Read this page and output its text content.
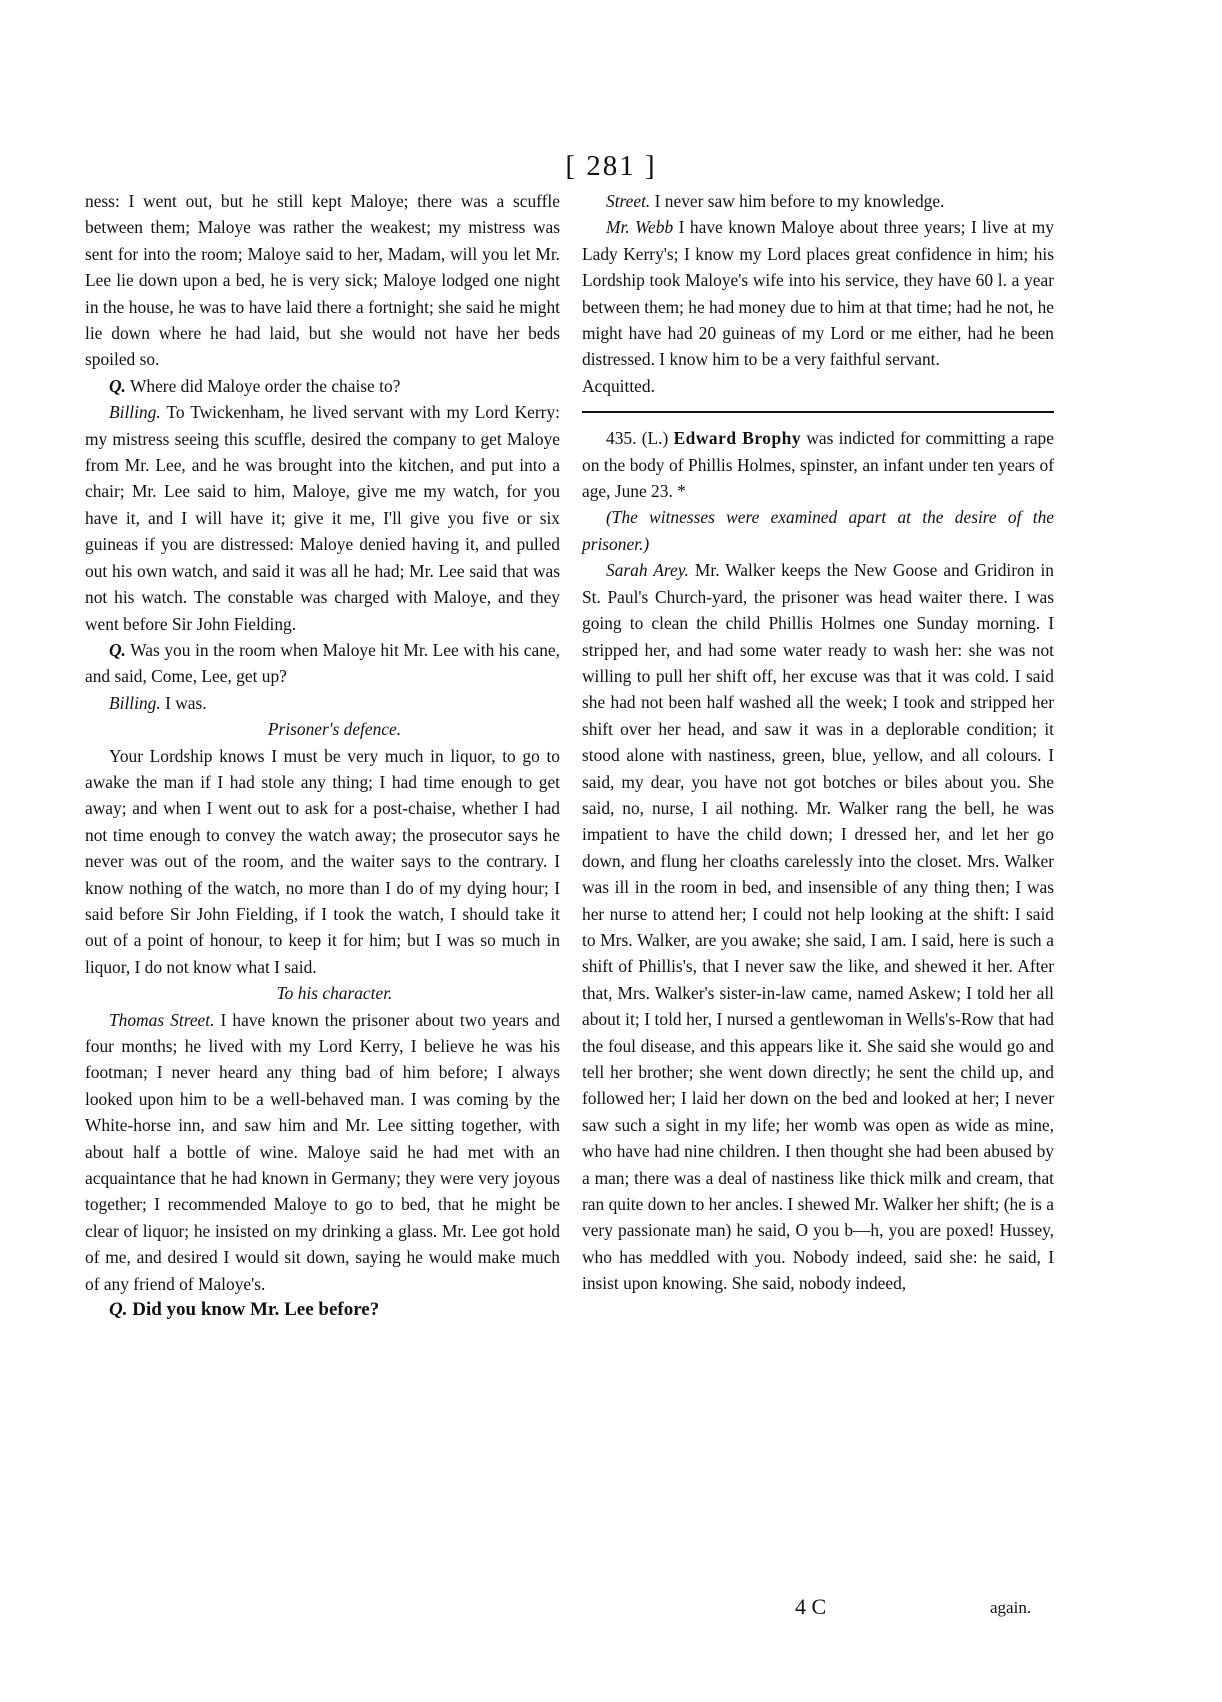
[ 281 ]

ness: I went out, but he still kept Maloye; there was a scuffle between them; Maloye was rather the weakest; my mistress was sent for into the room; Maloye said to her, Madam, will you let Mr. Lee lie down upon a bed, he is very sick; Maloye lodged one night in the house, he was to have laid there a fortnight; she said he might lie down where he had laid, but she would not have her beds spoiled so.

Q. Where did Maloye order the chaise to?

Billing. To Twickenham, he lived servant with my Lord Kerry: my mistress seeing this scuffle, desired the company to get Maloye from Mr. Lee, and he was brought into the kitchen, and put into a chair; Mr. Lee said to him, Maloye, give me my watch, for you have it, and I will have it; give it me, I'll give you five or six guineas if you are distressed: Maloye denied having it, and pulled out his own watch, and said it was all he had; Mr. Lee said that was not his watch. The constable was charged with Maloye, and they went before Sir John Fielding.

Q. Was you in the room when Maloye hit Mr. Lee with his cane, and said, Come, Lee, get up?

Billing. I was.

Prisoner's defence.

Your Lordship knows I must be very much in liquor, to go to awake the man if I had stole any thing; I had time enough to get away; and when I went out to ask for a post-chaise, whether I had not time enough to convey the watch away; the prosecutor says he never was out of the room, and the waiter says to the contrary. I know nothing of the watch, no more than I do of my dying hour; I said before Sir John Fielding, if I took the watch, I should take it out of a point of honour, to keep it for him; but I was so much in liquor, I do not know what I said.

To his character.

Thomas Street. I have known the prisoner about two years and four months; he lived with my Lord Kerry, I believe he was his footman; I never heard any thing bad of him before; I always looked upon him to be a well-behaved man. I was coming by the White-horse inn, and saw him and Mr. Lee sitting together, with about half a bottle of wine. Maloye said he had met with an acquaintance that he had known in Germany; they were very joyous together; I recommended Maloye to go to bed, that he might be clear of liquor; he insisted on my drinking a glass. Mr. Lee got hold of me, and desired I would sit down, saying he would make much of any friend of Maloye's.

Q. Did you know Mr. Lee before?

Street. I never saw him before to my knowledge.

Mr. Webb I have known Maloye about three years; I live at my Lady Kerry's; I know my Lord places great confidence in him; his Lordship took Maloye's wife into his service, they have 60 l. a year between them; he had money due to him at that time; had he not, he might have had 20 guineas of my Lord or me either, had he been distressed. I know him to be a very faithful servant.

Acquitted.

435. (L.) Edward Brophy was indicted for committing a rape on the body of Phillis Holmes, spinster, an infant under ten years of age, June 23. *

(The witnesses were examined apart at the desire of the prisoner.)

Sarah Arey. Mr. Walker keeps the New Goose and Gridiron in St. Paul's Church-yard, the prisoner was head waiter there. I was going to clean the child Phillis Holmes one Sunday morning. I stripped her, and had some water ready to wash her: she was not willing to pull her shift off, her excuse was that it was cold. I said she had not been half washed all the week; I took and stripped her shift over her head, and saw it was in a deplorable condition; it stood alone with nastiness, green, blue, yellow, and all colours. I said, my dear, you have not got botches or biles about you. She said, no, nurse, I ail nothing. Mr. Walker rang the bell, he was impatient to have the child down; I dressed her, and let her go down, and flung her cloaths carelessly into the closet. Mrs. Walker was ill in the room in bed, and insensible of any thing then; I was her nurse to attend her; I could not help looking at the shift: I said to Mrs. Walker, are you awake; she said, I am. I said, here is such a shift of Phillis's, that I never saw the like, and shewed it her. After that, Mrs. Walker's sister-in-law came, named Askew; I told her all about it; I told her, I nursed a gentlewoman in Wells's-Row that had the foul disease, and this appears like it. She said she would go and tell her brother; she went down directly; he sent the child up, and followed her; I laid her down on the bed and looked at her; I never saw such a sight in my life; her womb was open as wide as mine, who have had nine children. I then thought she had been abused by a man; there was a deal of nastiness like thick milk and cream, that ran quite down to her ancles. I shewed Mr. Walker her shift; (he is a very passionate man) he said, O you b—h, you are poxed! Hussey, who has meddled with you. Nobody indeed, said she: he said, I insist upon knowing. She said, nobody indeed,

4 C	again.
